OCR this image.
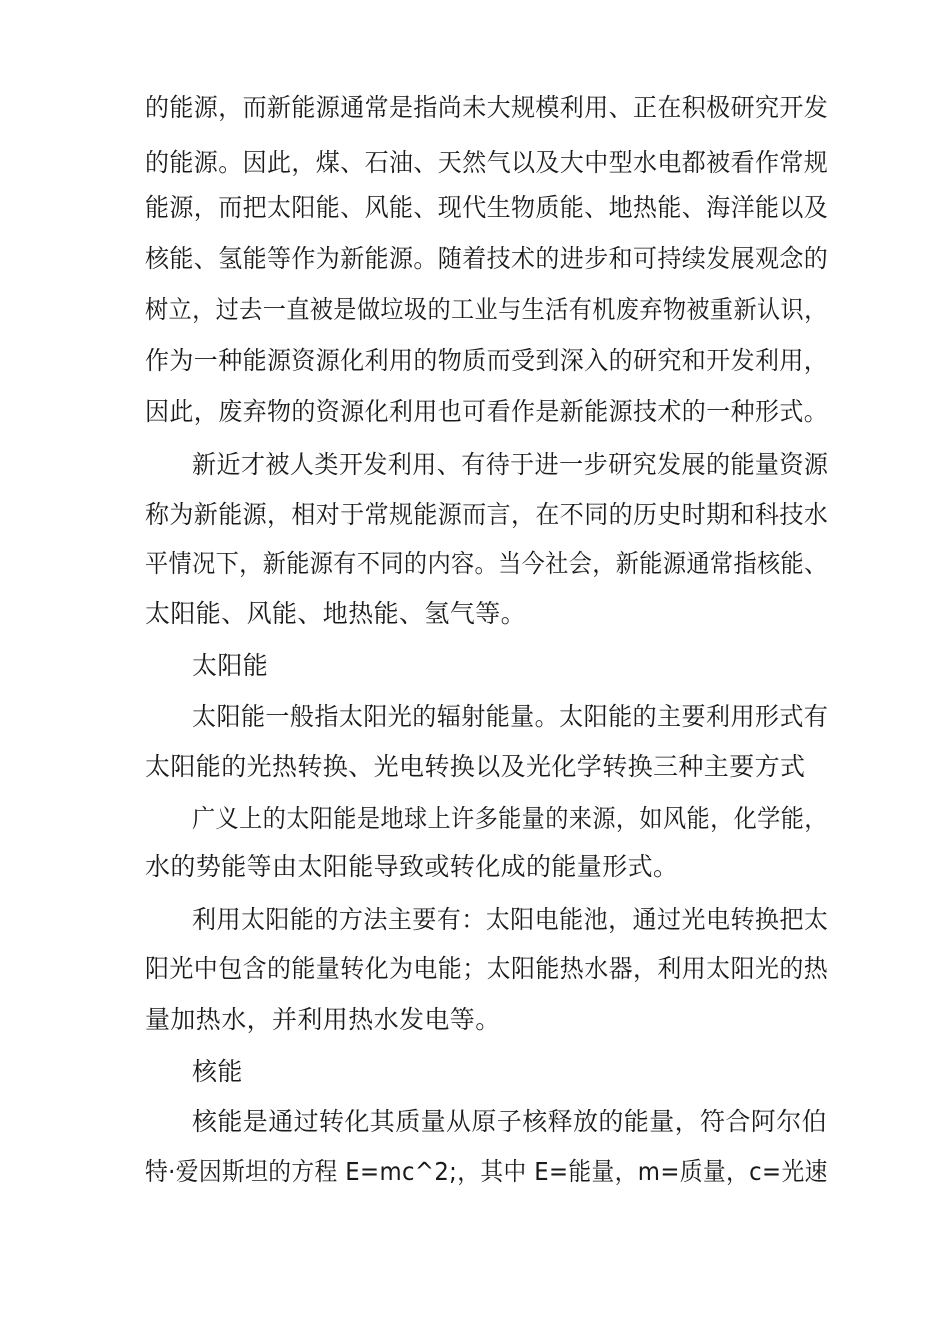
的能源，而新能源通常是指尚未大规模利用、正在积极研究开发
的能源。因此，煤、石油、天然气以及大中型水电都被看作常规
能源，而把太阳能、风能、现代生物质能、地热能、海洋能以及
核能、氢能等作为新能源。随着技术的进步和可持续发展观念的
树立，过去一直被是做垃圾的工业与生活有机废弃物被重新认识，
作为一种能源资源化利用的物质而受到深入的研究和开发利用，
因此，废弃物的资源化利用也可看作是新能源技术的一种形式。
新近才被人类开发利用、有待于进一步研究发展的能量资源
称为新能源，相对于常规能源而言，在不同的历史时期和科技水
平情况下，新能源有不同的内容。当今社会，新能源通常指核能、
太阳能、风能、地热能、氢气等。
太阳能
太阳能一般指太阳光的辐射能量。太阳能的主要利用形式有
太阳能的光热转换、光电转换以及光化学转换三种主要方式
广义上的太阳能是地球上许多能量的来源，如风能，化学能，
水的势能等由太阳能导致或转化成的能量形式。
利用太阳能的方法主要有：太阳电能池，通过光电转换把太
阳光中包含的能量转化为电能；太阳能热水器，利用太阳光的热
量加热水，并利用热水发电等。
核能
核能是通过转化其质量从原子核释放的能量，符合阿尔伯
特·爱因斯坦的方程 E=mc^2;，其中 E=能量，m=质量，c=光速
